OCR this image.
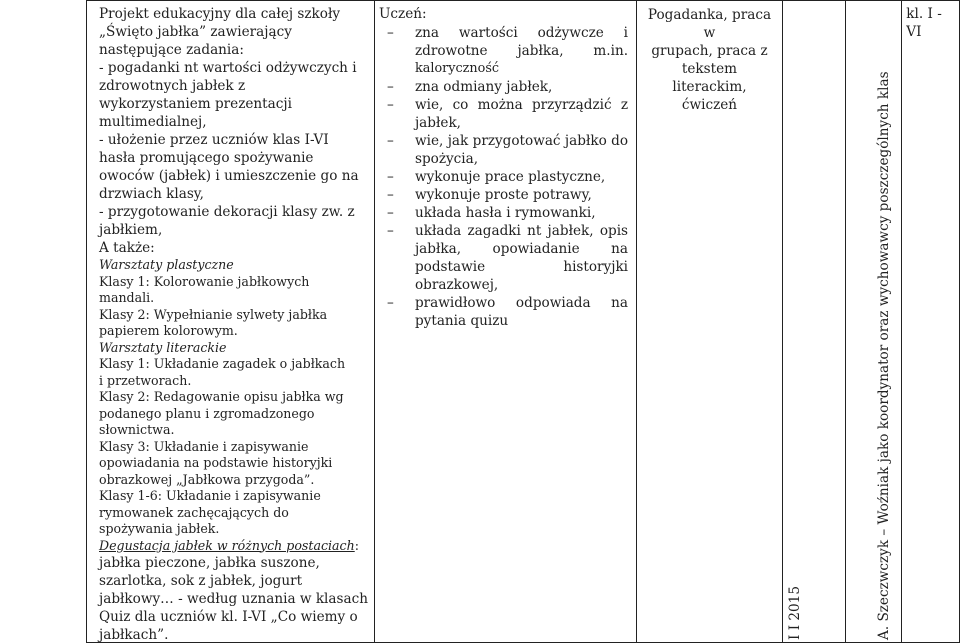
Projekt edukacyjny dla całej szkoły
„Święto jabłka” zawierający
następujące zadania:
- pogadanki nt wartości odżywczych i
zdrowotnych jabłek z
wykorzystaniem prezentacji
multimedialnej,
- ułożenie przez uczniów klas I-VI
hasła promującego spożywanie
owoców (jabłek) i umieszczenie go na
drzwiach klasy,
- przygotowanie dekoracji klasy zw. z
jabłkiem,
A także:
Warsztaty plastyczne
Klasy 1: Kolorowanie jabłkowych
mandali.
Klasy 2: Wypełnianie sylwety jabłka
papierem kolorowym.
Warsztaty literackie
Klasy 1: Układanie zagadek o jabłkach
i przetworach.
Klasy 2: Redagowanie opisu jabłka wg
podanego planu i zgromadzonego
słownictwa.
Klasy 3: Układanie i zapisywanie
opowiadania na podstawie historyjki
obrazkowej „Jabłkowa przygoda”.
Klasy 1-6: Układanie i zapisywanie
rymowanek zachęcających do
spożywania jabłek.
Degustacja jabłek w różnych postaciach:
jabłka pieczone, jabłka suszone,
szarlotka, sok z jabłek, jogurt
jabłkowy… - według uznania w klasach
Quiz dla uczniów kl. I-VI „Co wiemy o
jabłkach”.

Uczeń:
– zna wartości odżywcze i
zdrowotne jabłka, m.in.
kaloryczność
– zna odmiany jabłek,
– wie, co można przyrządzić z
jabłek,
– wie, jak przygotować jabłko do
spożycia,
– wykonuje prace plastyczne,
– wykonuje proste potrawy,
– układa hasła i rymowanki,
– układa zagadki nt jabłek, opis
jabłka, opowiadanie na
podstawie historyjki
obrazkowej,
– prawidłowo odpowiada na
pytania quizu

Pogadanka, praca w
grupach, praca z
tekstem literackim,
ćwiczeń

I I 2015	A. Szeczwczyk – Woźniak jako koordynator oraz wychowawcy poszczególnych klas

kl. I -
VI
